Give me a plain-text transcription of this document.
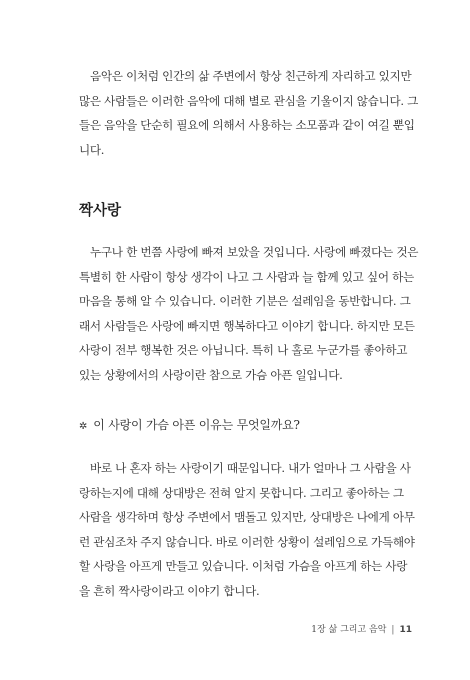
음악은 이처럼 인간의 삶 주변에서 항상 친근하게 자리하고 있지만
많은 사람들은 이러한 음악에 대해 별로 관심을 기울이지 않습니다. 그
들은 음악을 단순히 필요에 의해서 사용하는 소모품과 같이 여길 뿐입
니다.

짝사랑

누구나 한 번쯤 사랑에 빠져 보았을 것입니다. 사랑에 빠졌다는 것은
특별히 한 사람이 항상 생각이 나고 그 사람과 늘 함께 있고 싶어 하는
마음을 통해 알 수 있습니다. 이러한 기분은 설레임을 동반합니다. 그
래서 사람들은 사랑에 빠지면 행복하다고 이야기 합니다. 하지만 모든
사랑이 전부 행복한 것은 아닙니다. 특히 나 홀로 누군가를 좋아하고
있는 상황에서의 사랑이란 참으로 가슴 아픈 일입니다.

✲ 이 사랑이 가슴 아픈 이유는 무엇일까요?

바로 나 혼자 하는 사랑이기 때문입니다. 내가 얼마나 그 사람을 사
랑하는지에 대해 상대방은 전혀 알지 못합니다. 그리고 좋아하는 그
사람을 생각하며 항상 주변에서 맴돌고 있지만, 상대방은 나에게 아무
런 관심조차 주지 않습니다. 바로 이러한 상황이 설레임으로 가득해야
할 사랑을 아프게 만들고 있습니다. 이처럼 가슴을 아프게 하는 사랑
을 흔히 짝사랑이라고 이야기 합니다.

1장 삶 그리고 음악 | 11
